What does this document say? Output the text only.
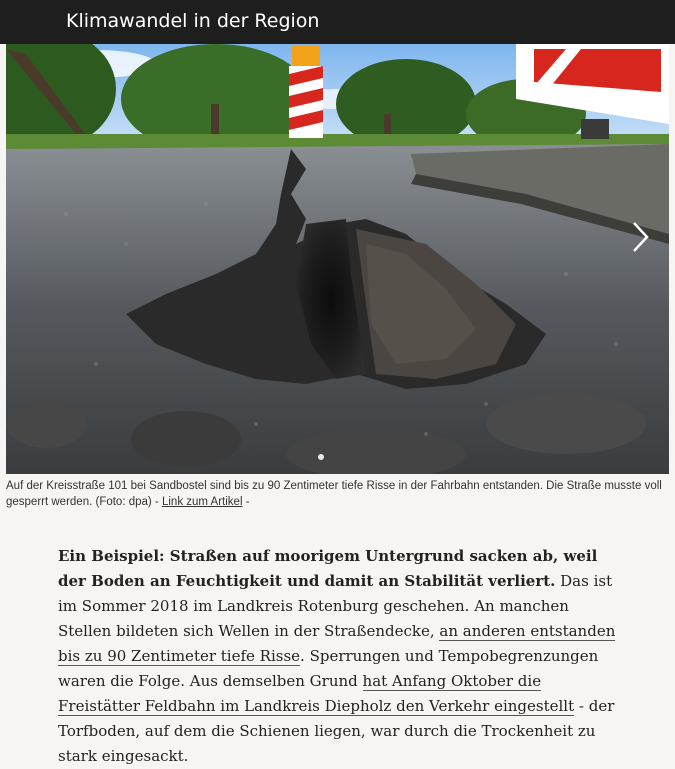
Klimawandel in der Region
Auf der Kreisstraße 101 bei Sandbostel sind bis zu 90 Zentimeter tiefe Risse in der Fahrbahn entstanden. Die Straße musste voll gesperrt werden. (Foto: dpa) - Link zum Artikel -
Ein Beispiel: Straßen auf moorigem Untergrund sacken ab, weil der Boden an Feuchtigkeit und damit an Stabilität verliert. Das ist im Sommer 2018 im Landkreis Rotenburg geschehen. An manchen Stellen bildeten sich Wellen in der Straßendecke, an anderen entstanden bis zu 90 Zentimeter tiefe Risse. Sperrungen und Tempobegrenzungen waren die Folge. Aus demselben Grund hat Anfang Oktober die Freistätter Feldbahn im Landkreis Diepholz den Verkehr eingestellt - der Torfboden, auf dem die Schienen liegen, war durch die Trockenheit zu stark eingesackt.
